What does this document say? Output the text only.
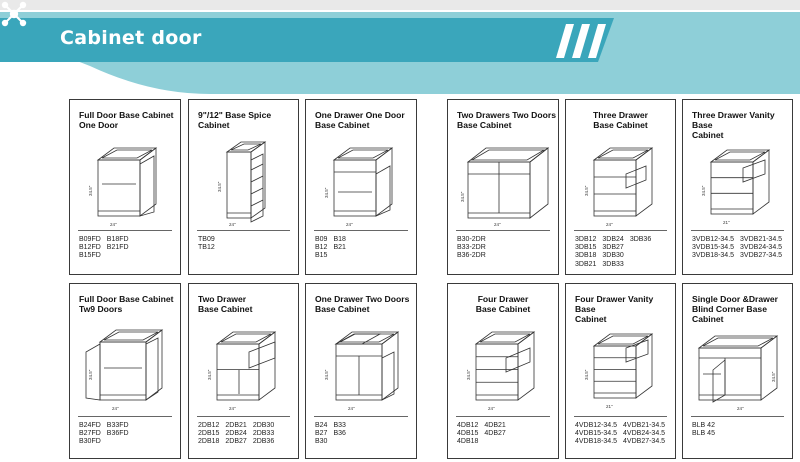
Cabinet door
Full Door Base Cabinet
One Door
34.5"
24"
B09FD B18FD
B12FD B21FD
B15FD
9"/12" Base Spice
Cabinet
34.5"
24"
TB09
TB12
One Drawer One Door
Base Cabinet
34.5"
24"
B09 B18
B12 B21
B15
Two Drawers Two Doors
Base Cabinet
34.5"
24"
B30-2DR
B33-2DR
B36-2DR
Three Drawer
Base Cabinet
34.5"
24"
3DB12 3DB24 3DB36
3DB15 3DB27
3DB18 3DB30
3DB21 3DB33
Three Drawer Vanity Base
Cabinet
34.5"
21"
3VDB12-34.5 3VDB21-34.5
3VDB15-34.5 3VDB24-34.5
3VDB18-34.5 3VDB27-34.5
Full Door Base Cabinet
Tw9 Doors
34.5"
24"
B24FD B33FD
B27FD B36FD
B30FD
Two Drawer
Base Cabinet
34.5"
24"
2DB12 2DB21 2DB30
2DB15 2DB24 2DB33
2DB18 2DB27 2DB36
One Drawer Two Doors
Base Cabinet
34.5"
24"
B24 B33
B27 B36
B30
Four Drawer
Base Cabinet
34.5"
24"
4DB12 4DB21
4DB15 4DB27
4DB18
Four Drawer Vanity Base
Cabinet
34.5"
21"
4VDB12-34.5 4VDB21-34.5
4VDB15-34.5 4VDB24-34.5
4VDB18-34.5 4VDB27-34.5
Single Door &Drawer
Blind Corner Base Cabinet
34.5"
24"
BLB 42
BLB 45
